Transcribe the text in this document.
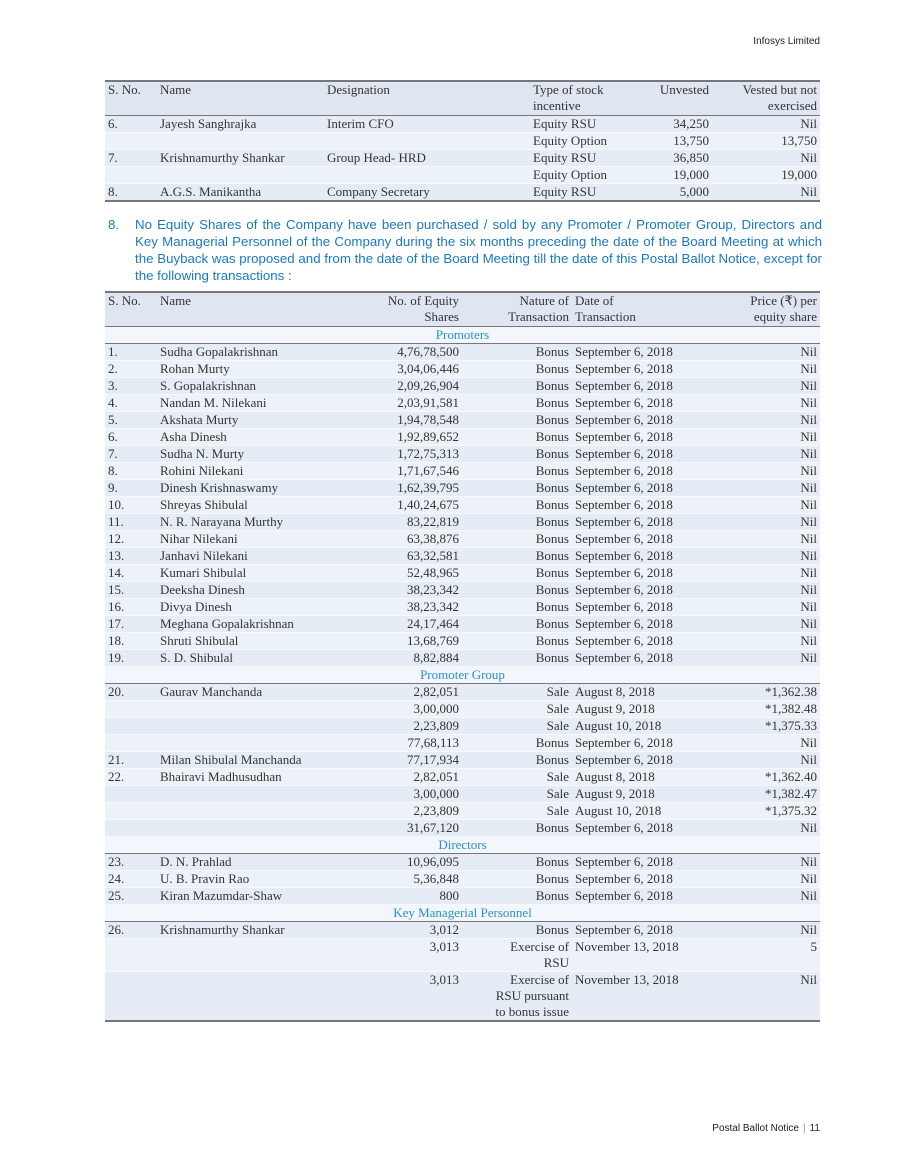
Infosys Limited
S. No.	Name	Designation	Type of stock incentive	Unvested	Vested but not exercised
6.	Jayesh Sanghrajka	Interim CFO	Equity RSU	34,250	Nil
			Equity Option	13,750	13,750
7.	Krishnamurthy Shankar	Group Head- HRD	Equity RSU	36,850	Nil
			Equity Option	19,000	19,000
8.	A.G.S. Manikantha	Company Secretary	Equity RSU	5,000	Nil
8. No Equity Shares of the Company have been purchased / sold by any Promoter / Promoter Group, Directors and Key Managerial Personnel of the Company during the six months preceding the date of the Board Meeting at which the Buyback was proposed and from the date of the Board Meeting till the date of this Postal Ballot Notice, except for the following transactions :
S. No.	Name	No. of Equity Shares	Nature of Transaction	Date of Transaction	Price (₹) per equity share
Promoters					
1.	Sudha Gopalakrishnan	4,76,78,500	Bonus	September 6, 2018	Nil
2.	Rohan Murty	3,04,06,446	Bonus	September 6, 2018	Nil
3.	S. Gopalakrishnan	2,09,26,904	Bonus	September 6, 2018	Nil
4.	Nandan M. Nilekani	2,03,91,581	Bonus	September 6, 2018	Nil
5.	Akshata Murty	1,94,78,548	Bonus	September 6, 2018	Nil
6.	Asha Dinesh	1,92,89,652	Bonus	September 6, 2018	Nil
7.	Sudha N. Murty	1,72,75,313	Bonus	September 6, 2018	Nil
8.	Rohini Nilekani	1,71,67,546	Bonus	September 6, 2018	Nil
9.	Dinesh Krishnaswamy	1,62,39,795	Bonus	September 6, 2018	Nil
10.	Shreyas Shibulal	1,40,24,675	Bonus	September 6, 2018	Nil
11.	N. R. Narayana Murthy	83,22,819	Bonus	September 6, 2018	Nil
12.	Nihar Nilekani	63,38,876	Bonus	September 6, 2018	Nil
13.	Janhavi Nilekani	63,32,581	Bonus	September 6, 2018	Nil
14.	Kumari Shibulal	52,48,965	Bonus	September 6, 2018	Nil
15.	Deeksha Dinesh	38,23,342	Bonus	September 6, 2018	Nil
16.	Divya Dinesh	38,23,342	Bonus	September 6, 2018	Nil
17.	Meghana Gopalakrishnan	24,17,464	Bonus	September 6, 2018	Nil
18.	Shruti Shibulal	13,68,769	Bonus	September 6, 2018	Nil
19.	S. D. Shibulal	8,82,884	Bonus	September 6, 2018	Nil
Promoter Group					
20.	Gaurav Manchanda	2,82,051	Sale	August 8, 2018	*1,362.38
		3,00,000	Sale	August 9, 2018	*1,382.48
		2,23,809	Sale	August 10, 2018	*1,375.33
		77,68,113	Bonus	September 6, 2018	Nil
21.	Milan Shibulal Manchanda	77,17,934	Bonus	September 6, 2018	Nil
22.	Bhairavi Madhusudhan	2,82,051	Sale	August 8, 2018	*1,362.40
		3,00,000	Sale	August 9, 2018	*1,382.47
		2,23,809	Sale	August 10, 2018	*1,375.32
		31,67,120	Bonus	September 6, 2018	Nil
Directors					
23.	D. N. Prahlad	10,96,095	Bonus	September 6, 2018	Nil
24.	U. B. Pravin Rao	5,36,848	Bonus	September 6, 2018	Nil
25.	Kiran Mazumdar-Shaw	800	Bonus	September 6, 2018	Nil
Key Managerial Personnel					
26.	Krishnamurthy Shankar	3,012	Bonus	September 6, 2018	Nil
		3,013	Exercise of RSU	November 13, 2018	5
		3,013	Exercise of RSU pursuant to bonus issue	November 13, 2018	Nil
Postal Ballot Notice | 11
